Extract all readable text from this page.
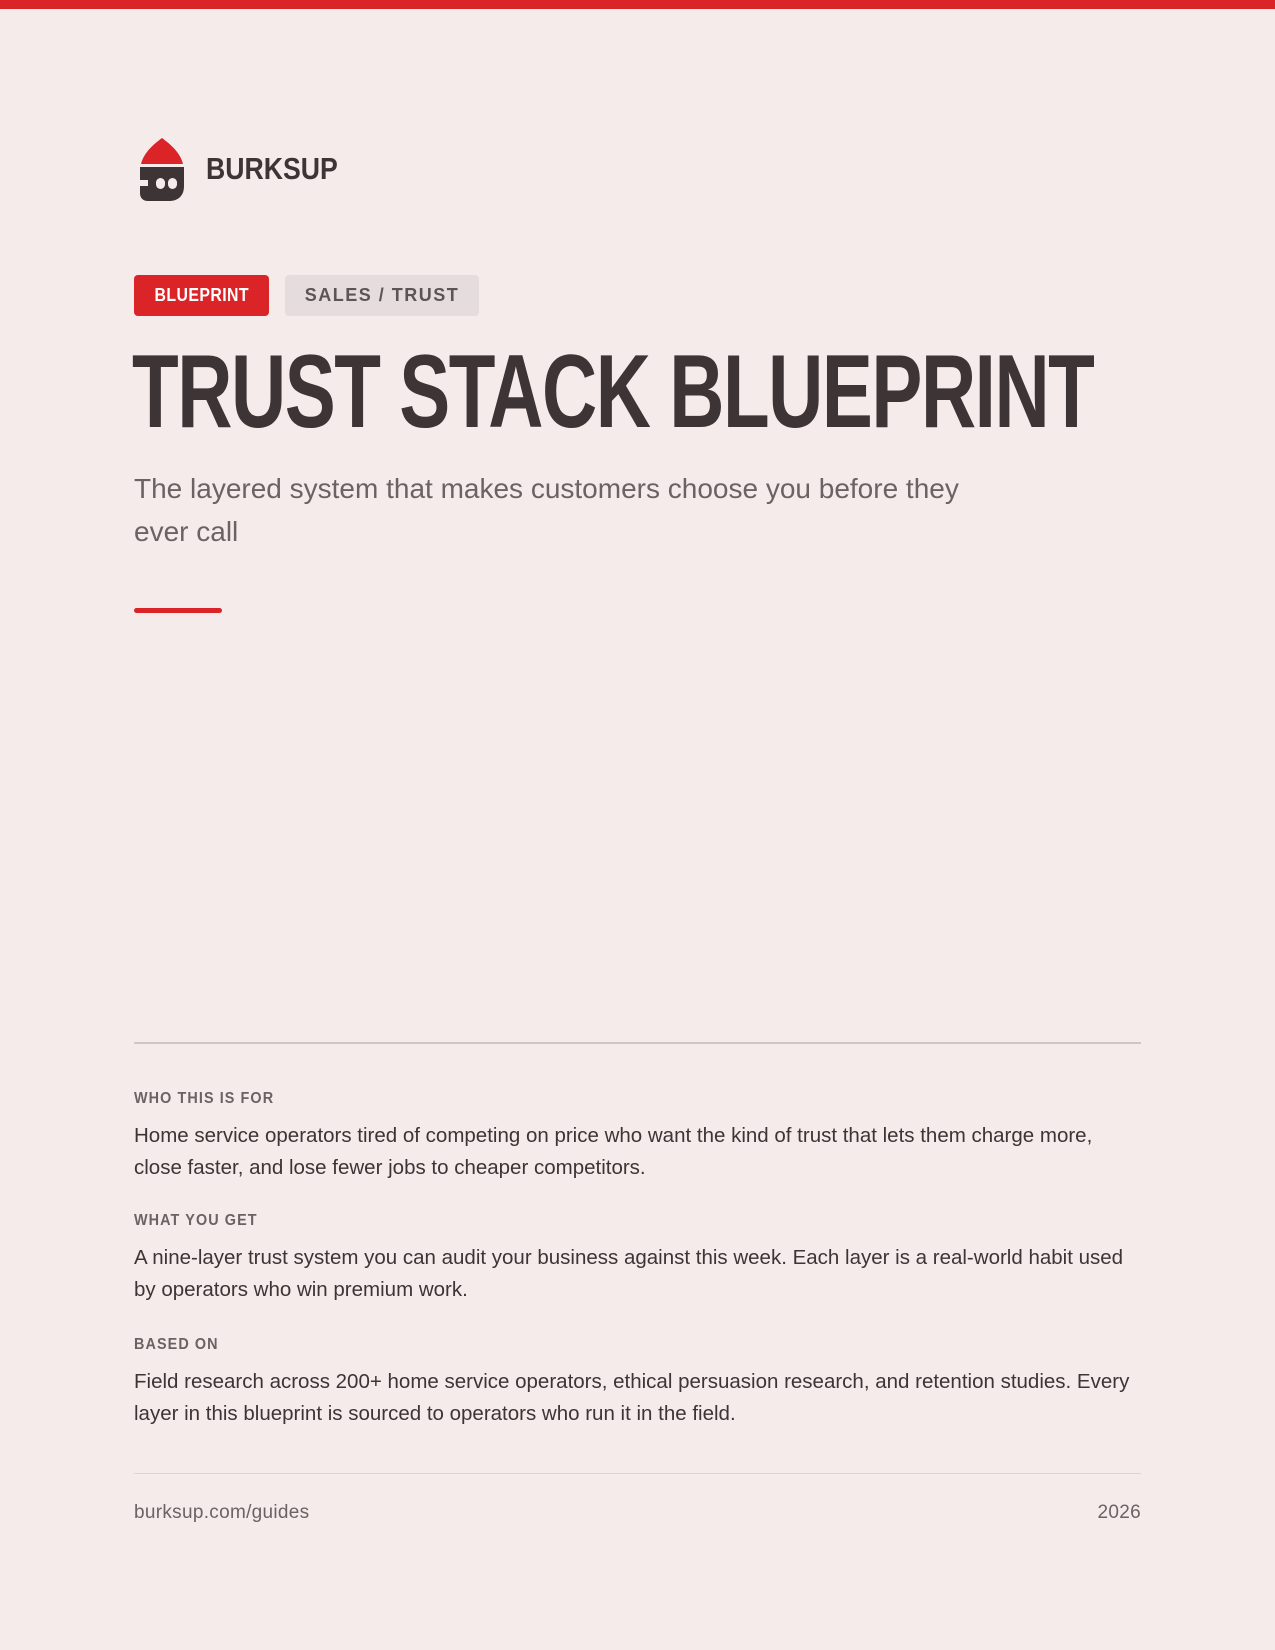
BURKSUP
BLUEPRINT	SALES / TRUST
TRUST STACK BLUEPRINT

The layered system that makes customers choose you before they ever call

WHO THIS IS FOR
Home service operators tired of competing on price who want the kind of trust that lets them charge more, close faster, and lose fewer jobs to cheaper competitors.
WHAT YOU GET
A nine-layer trust system you can audit your business against this week. Each layer is a real-world habit used by operators who win premium work.
BASED ON
Field research across 200+ home service operators, ethical persuasion research, and retention studies. Every layer in this blueprint is sourced to operators who run it in the field.
burksup.com/guides	2026
